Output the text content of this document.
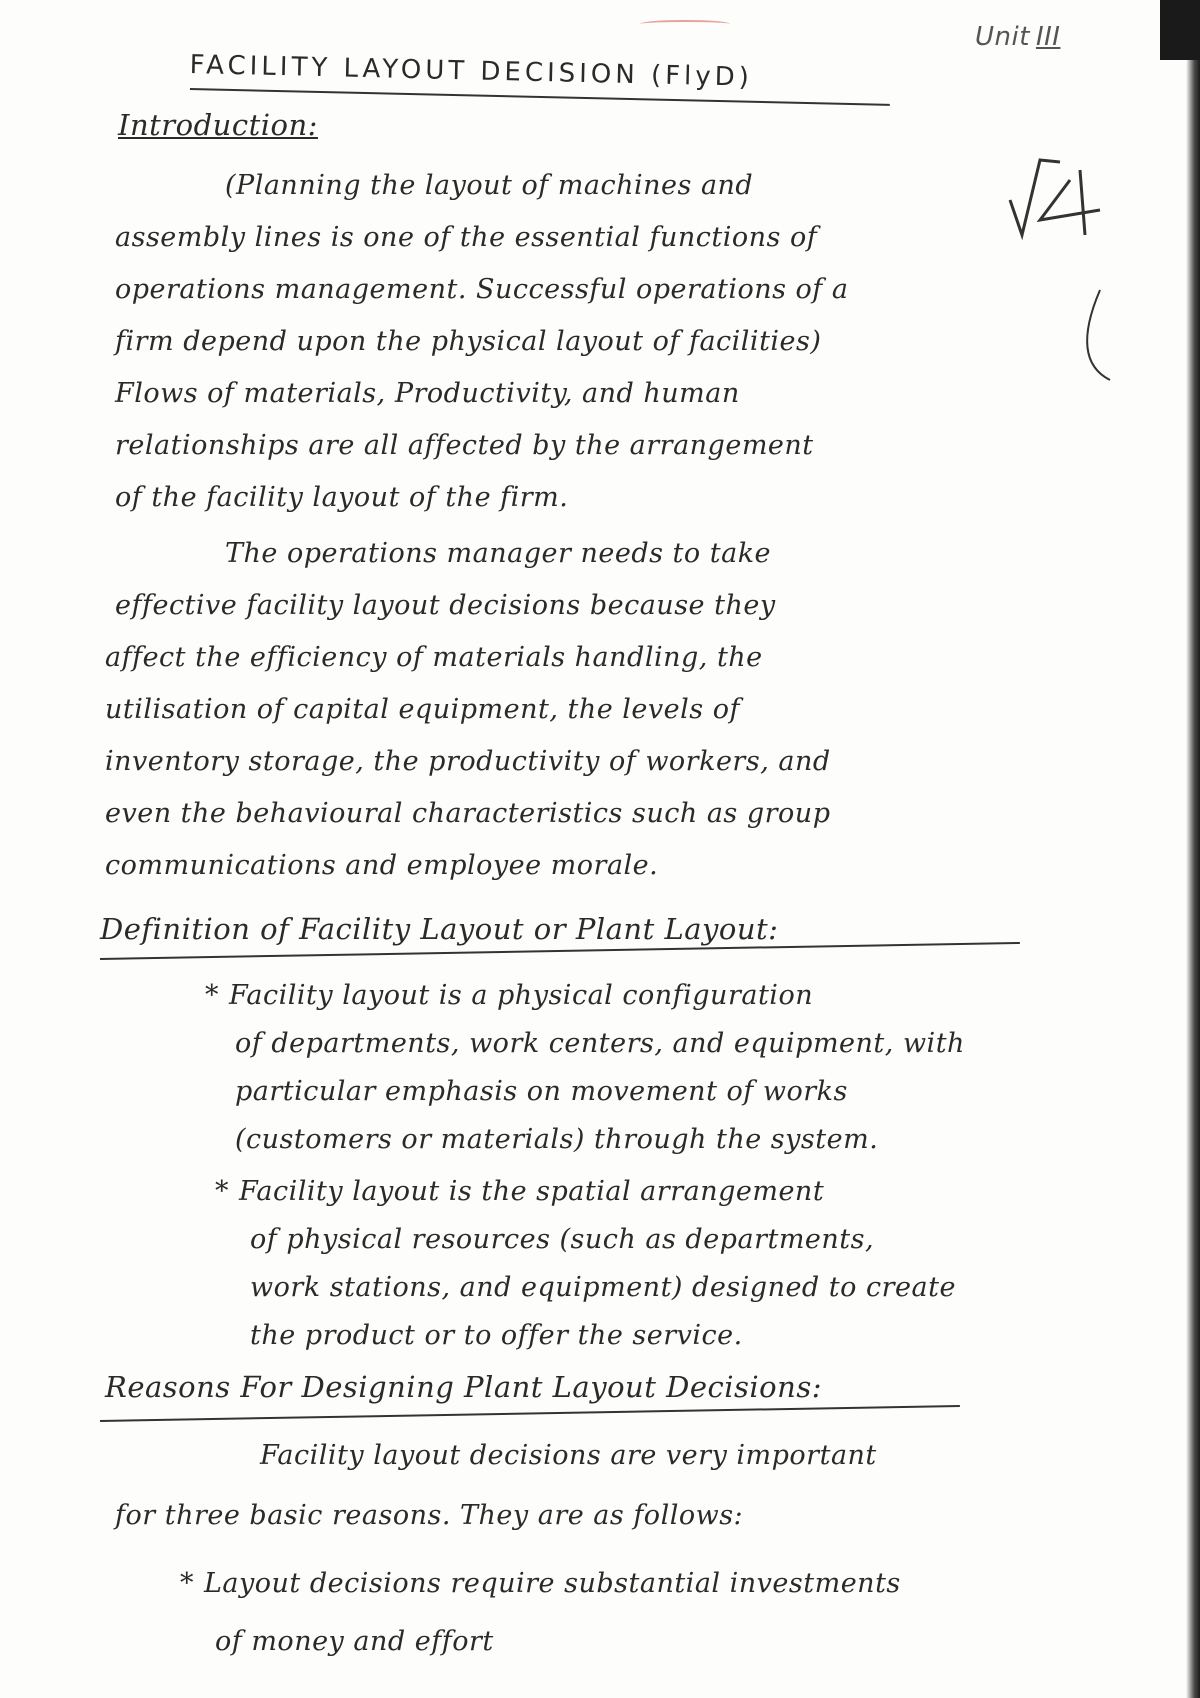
Unit III
FACILITY LAYOUT DECISION (FlyD)
Introduction:
(Planning the layout of machines and
assembly lines is one of the essential functions of
operations management. Successful operations of a
firm depend upon the physical layout of facilities)
Flows of materials, Productivity, and human
relationships are all affected by the arrangement
of the facility layout of the firm.
The operations manager needs to take
effective facility layout decisions because they
affect the efficiency of materials handling, the
utilisation of capital equipment, the levels of
inventory storage, the productivity of workers, and
even the behavioural characteristics such as group
communications and employee morale.
Definition of Facility Layout or Plant Layout:
* Facility layout is a physical configuration
of departments, work centers, and equipment, with
particular emphasis on movement of works
(customers or materials) through the system.
* Facility layout is the spatial arrangement
of physical resources (such as departments,
work stations, and equipment) designed to create
the product or to offer the service.
Reasons For Designing Plant Layout Decisions:
Facility layout decisions are very important
for three basic reasons. They are as follows:
* Layout decisions require substantial investments
of money and effort
